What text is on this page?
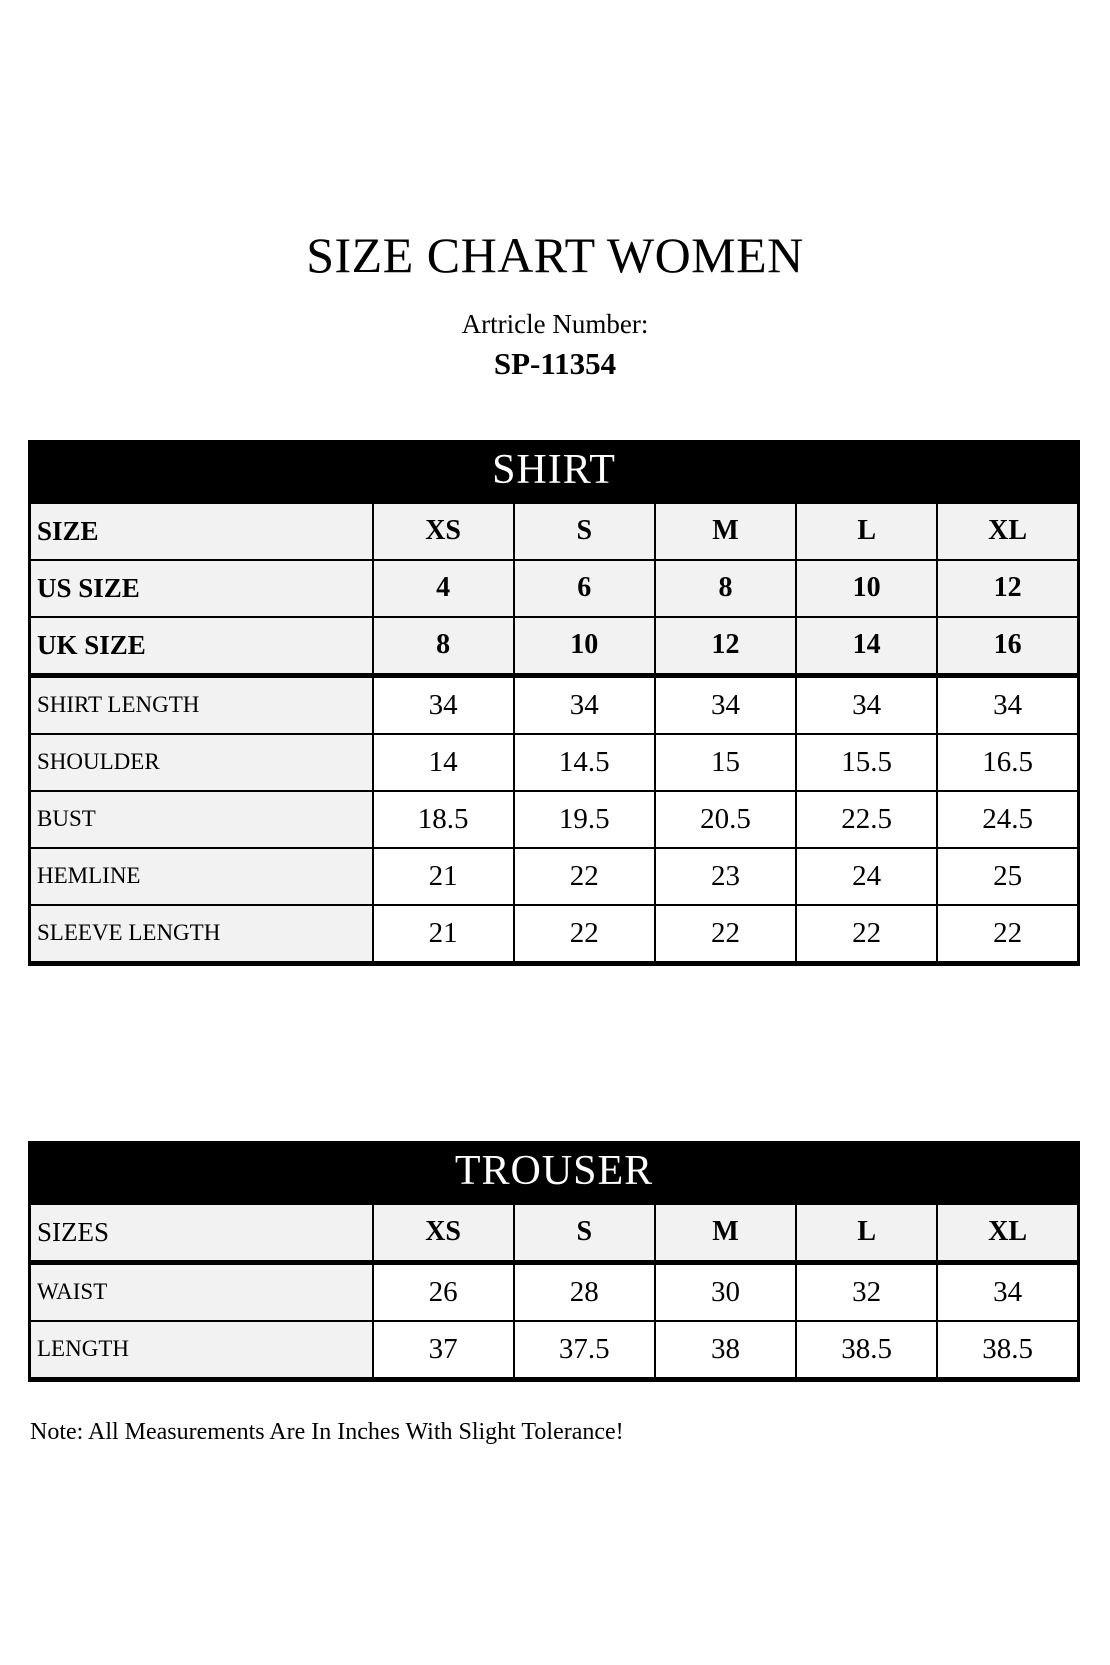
SIZE CHART WOMEN
Artricle Number:
SP-11354
SHIRT
SIZE	XS	S	M	L	XL
US SIZE	4	6	8	10	12
UK SIZE	8	10	12	14	16
SHIRT LENGTH	34	34	34	34	34
SHOULDER	14	14.5	15	15.5	16.5
BUST	18.5	19.5	20.5	22.5	24.5
HEMLINE	21	22	23	24	25
SLEEVE LENGTH	21	22	22	22	22
TROUSER
SIZES	XS	S	M	L	XL
WAIST	26	28	30	32	34
LENGTH	37	37.5	38	38.5	38.5
Note: All Measurements Are In Inches With Slight Tolerance!
